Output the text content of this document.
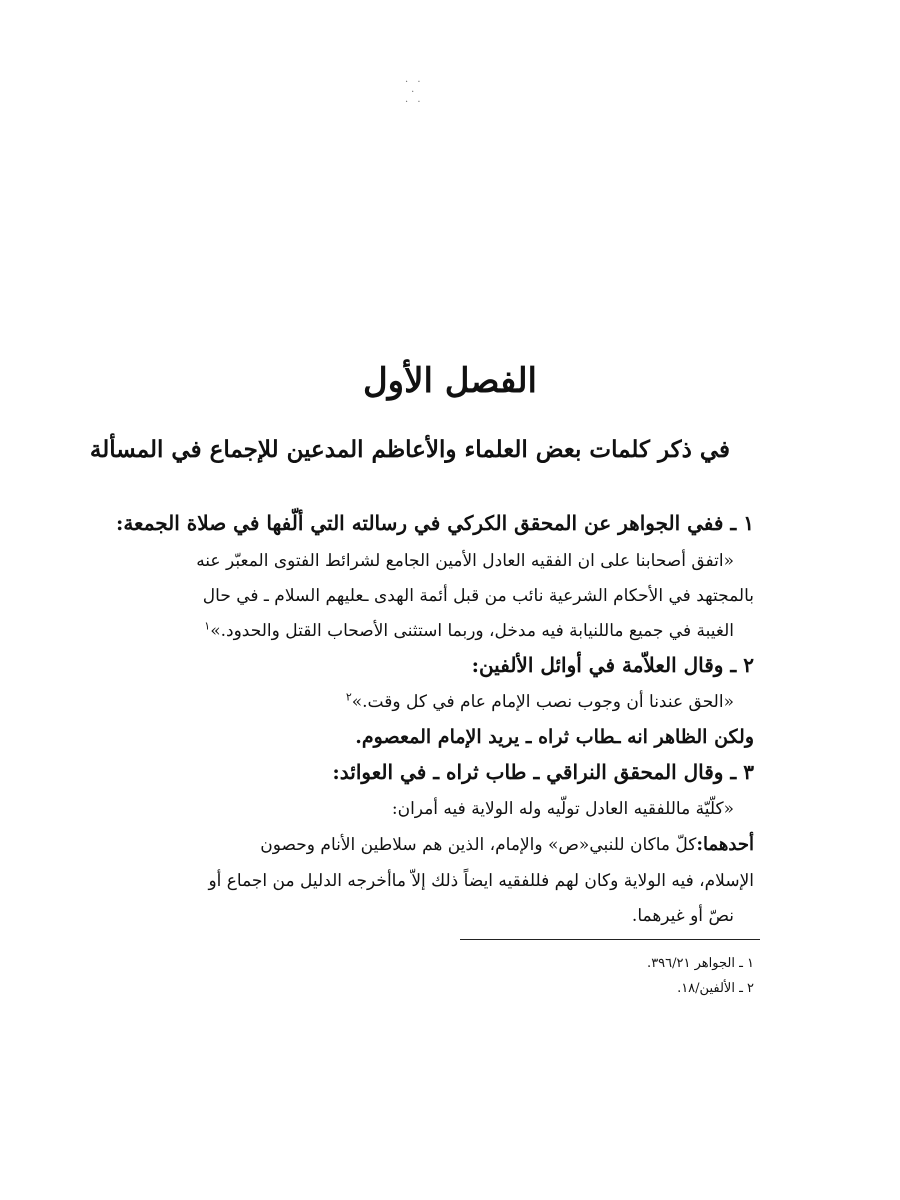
· ·
·
· ·
الفصل الأول
في ذكر كلمات بعض العلماء والأعاظم المدعين للإجماع في المسألة
١ ـ ففي الجواهر عن المحقق الكركي في رسالته التي ألّفها في صلاة الجمعة:
«اتفق أصحابنا على ان الفقيه العادل الأمين الجامع لشرائط الفتوى المعبّر عنه
بالمجتهد في الأحكام الشرعية نائب من قبل أئمة الهدى ـعليهم السلام ـ في حال
الغيبة في جميع ماللنيابة فيه مدخل، وربما استثنى الأصحاب القتل والحدود.»$^١$
٢ ـ وقال العلاّمة في أوائل الألفين:
«الحق عندنا أن وجوب نصب الإمام عام في كل وقت.»$^٢$
ولكن الظاهر انه ـطاب ثراه ـ يريد الإمام المعصوم.
٣ ـ وقال المحقق النراقي ـ طاب ثراه ـ في العوائد:
«كلّيّة ماللفقيه العادل تولّيه وله الولاية فيه أمران:
أحدهما:كلّ ماكان للنبي«ص» والإمام، الذين هم سلاطين الأنام وحصون
الإسلام، فيه الولاية وكان لهم فللفقيه ايضاً ذلك إلاّ ماأخرجه الدليل من اجماع أو
نصّ أو غيرهما.
١ ـ الجواهر ٣٩٦/٢١.
٢ ـ الألفين/١٨.
